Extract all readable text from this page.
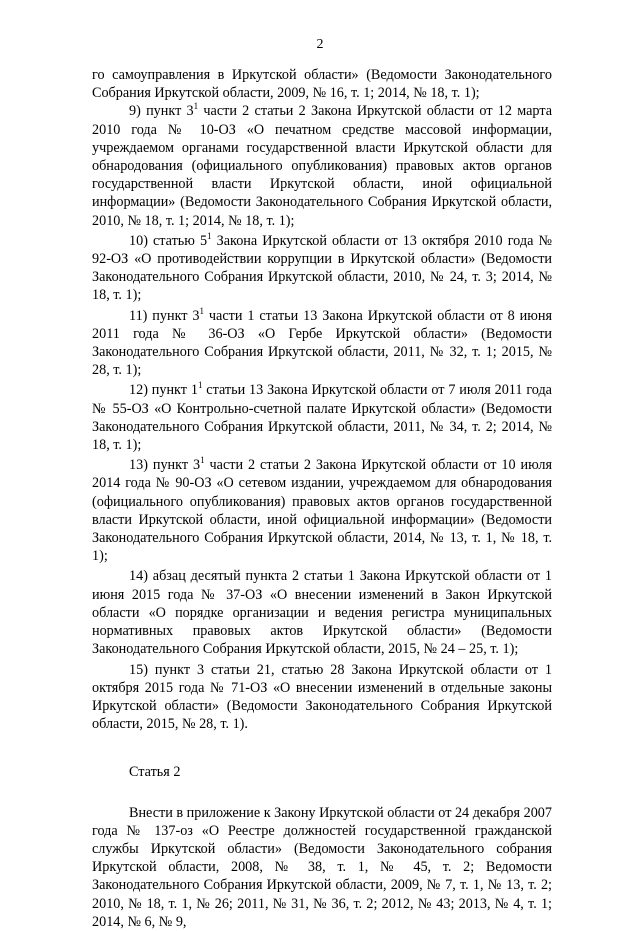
2

го самоуправления в Иркутской области» (Ведомости Законодательного Собрания Иркутской области, 2009, № 16, т. 1; 2014, № 18, т. 1);

9) пункт $3^1$ части 2 статьи 2 Закона Иркутской области от 12 марта 2010 года № 10-ОЗ «О печатном средстве массовой информации, учреждаемом органами государственной власти Иркутской области для обнародования (официального опубликования) правовых актов органов государственной власти Иркутской области, иной официальной информации» (Ведомости Законодательного Собрания Иркутской области, 2010, № 18, т. 1; 2014, № 18, т. 1);

10) статью $5^1$ Закона Иркутской области от 13 октября 2010 года № 92-ОЗ «О противодействии коррупции в Иркутской области» (Ведомости Законодательного Собрания Иркутской области, 2010, № 24, т. 3; 2014, № 18, т. 1);

11) пункт $3^1$ части 1 статьи 13 Закона Иркутской области от 8 июня 2011 года № 36-ОЗ «О Гербе Иркутской области» (Ведомости Законодательного Собрания Иркутской области, 2011, № 32, т. 1; 2015, № 28, т. 1);

12) пункт $1^1$ статьи 13 Закона Иркутской области от 7 июля 2011 года № 55-ОЗ «О Контрольно-счетной палате Иркутской области» (Ведомости Законодательного Собрания Иркутской области, 2011, № 34, т. 2; 2014, № 18, т. 1);

13) пункт $3^1$ части 2 статьи 2 Закона Иркутской области от 10 июля 2014 года № 90-ОЗ «О сетевом издании, учреждаемом для обнародования (официального опубликования) правовых актов органов государственной власти Иркутской области, иной официальной информации» (Ведомости Законодательного Собрания Иркутской области, 2014, № 13, т. 1, № 18, т. 1);

14) абзац десятый пункта 2 статьи 1 Закона Иркутской области от 1 июня 2015 года № 37-ОЗ «О внесении изменений в Закон Иркутской области «О порядке организации и ведения регистра муниципальных нормативных правовых актов Иркутской области» (Ведомости Законодательного Собрания Иркутской области, 2015, № 24 – 25, т. 1);

15) пункт 3 статьи 21, статью 28 Закона Иркутской области от 1 октября 2015 года № 71-ОЗ «О внесении изменений в отдельные законы Иркутской области» (Ведомости Законодательного Собрания Иркутской области, 2015, № 28, т. 1).

Статья 2

Внести в приложение к Закону Иркутской области от 24 декабря 2007 года № 137-оз «О Реестре должностей государственной гражданской службы Иркутской области» (Ведомости Законодательного собрания Иркутской области, 2008, № 38, т. 1, № 45, т. 2; Ведомости Законодательного Собрания Иркутской области, 2009, № 7, т. 1, № 13, т. 2; 2010, № 18, т. 1, № 26; 2011, № 31, № 36, т. 2; 2012, № 43; 2013, № 4, т. 1; 2014, № 6, № 9,
